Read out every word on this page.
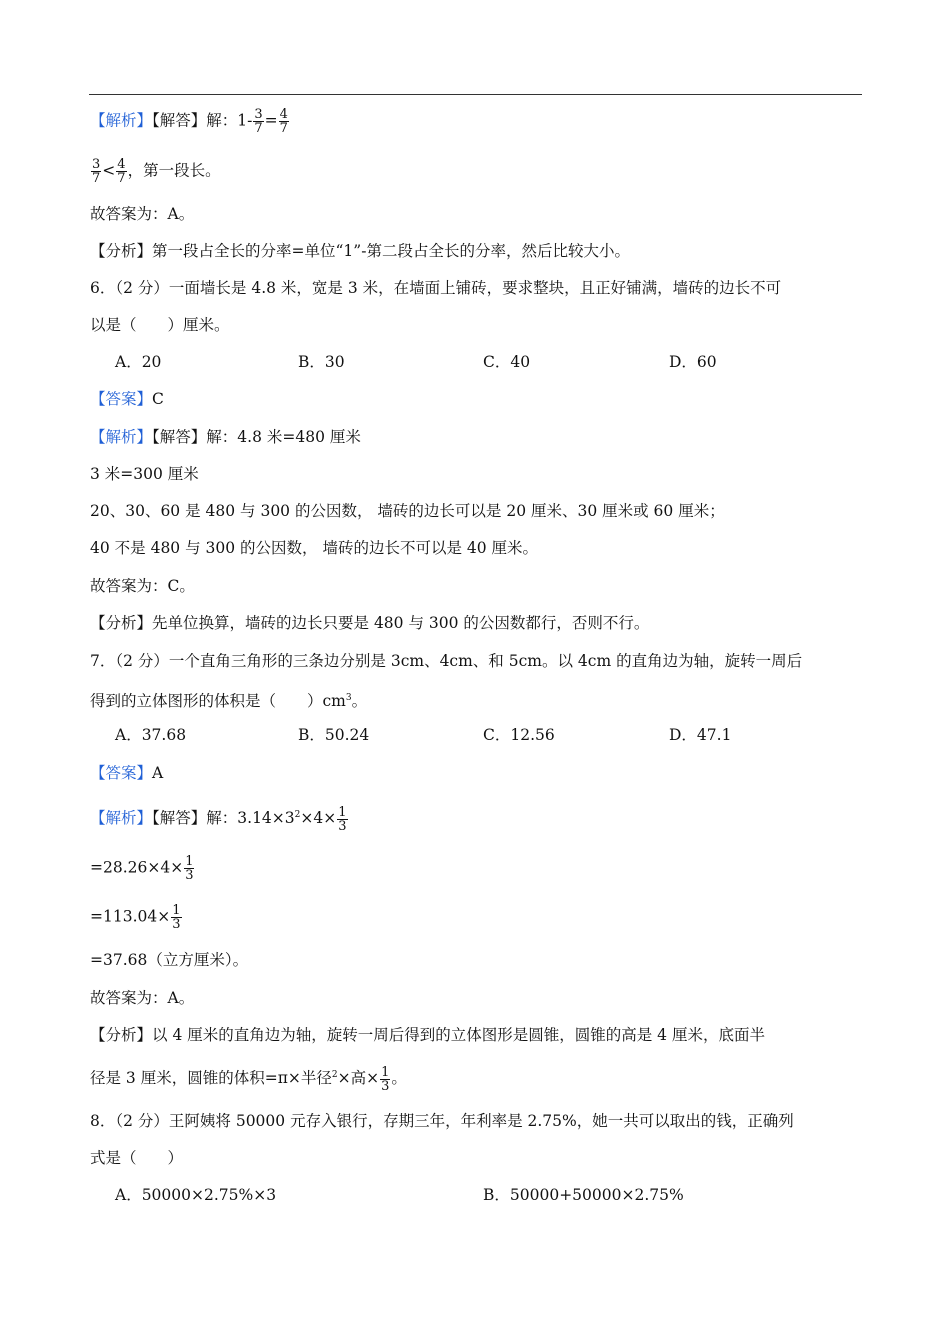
【解析】【解答】解：$1- \frac{3}{7} = \frac{4}{7}$
$\frac{3}{7} < \frac{4}{7}$ ，第一段长。
故答案为：A。
【分析】第一段占全长的分率=单位“1”-第二段占全长的分率，然后比较大小。
6．（2 分）一面墙长是 4.8 米，宽是 3 米，在墙面上铺砖，要求整块，且正好铺满，墙砖的边长不可
以是（　　）厘米。
A．20	B．30	C．40	D．60
【答案】C
【解析】【解答】解：4.8 米=480 厘米
3 米=300 厘米
20、30、60 是 480 与 300 的公因数， 墙砖的边长可以是 20 厘米、30 厘米或 60 厘米；
40 不是 480 与 300 的公因数， 墙砖的边长不可以是 40 厘米。
故答案为：C。
【分析】先单位换算，墙砖的边长只要是 480 与 300 的公因数都行，否则不行。
7．（2 分）一个直角三角形的三条边分别是 3cm、4cm、和 5cm。以 4cm 的直角边为轴，旋转一周后
得到的立体图形的体积是（　　）$cm^3$。
A．37.68	B．50.24	C．12.56	D．47.1
【答案】A
【解析】【解答】解：$3.14\times 3^2\times 4\times \frac{1}{3}$
$=28.26\times 4\times \frac{1}{3}$
$=113.04\times \frac{1}{3}$
=37.68（立方厘米）。
故答案为：A。
【分析】以 4 厘米的直角边为轴，旋转一周后得到的立体图形是圆锥，圆锥的高是 4 厘米，底面半
径是 3 厘米，圆锥的体积=π×半径$^2$×高× $\frac{1}{3}$ 。
8．（2 分）王阿姨将 50000 元存入银行，存期三年，年利率是 2.75%，她一共可以取出的钱，正确列
式是（　　）
A．50000×2.75%×3	B．50000+50000×2.75%
